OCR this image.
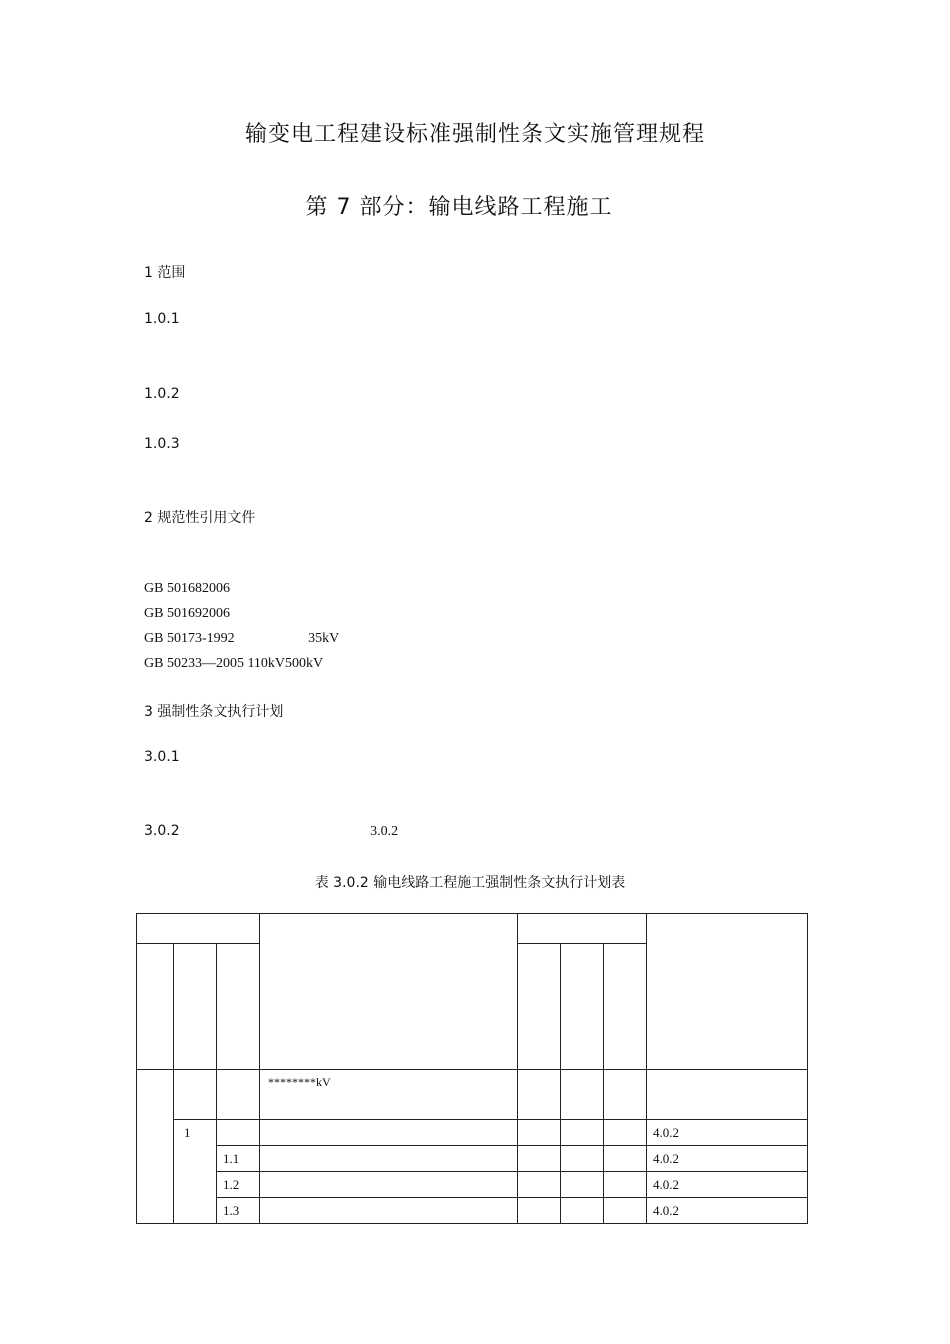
输变电工程建设标准强制性条文实施管理规程
第 7 部分：输电线路工程施工
1 范围
1.0.1
1.0.2
1.0.3
2 规范性引用文件
GB 501682006
GB 501692006
GB 50173-1992	35kV
GB 50233—2005 110kV500kV
3 强制性条文执行计划
3.0.1
3.0.2	3.0.2
表 3.0.2 输电线路工程施工强制性条文执行计划表

			********kV

	1						4.0.2
		1.1					4.0.2
		1.2					4.0.2
		1.3					4.0.2
